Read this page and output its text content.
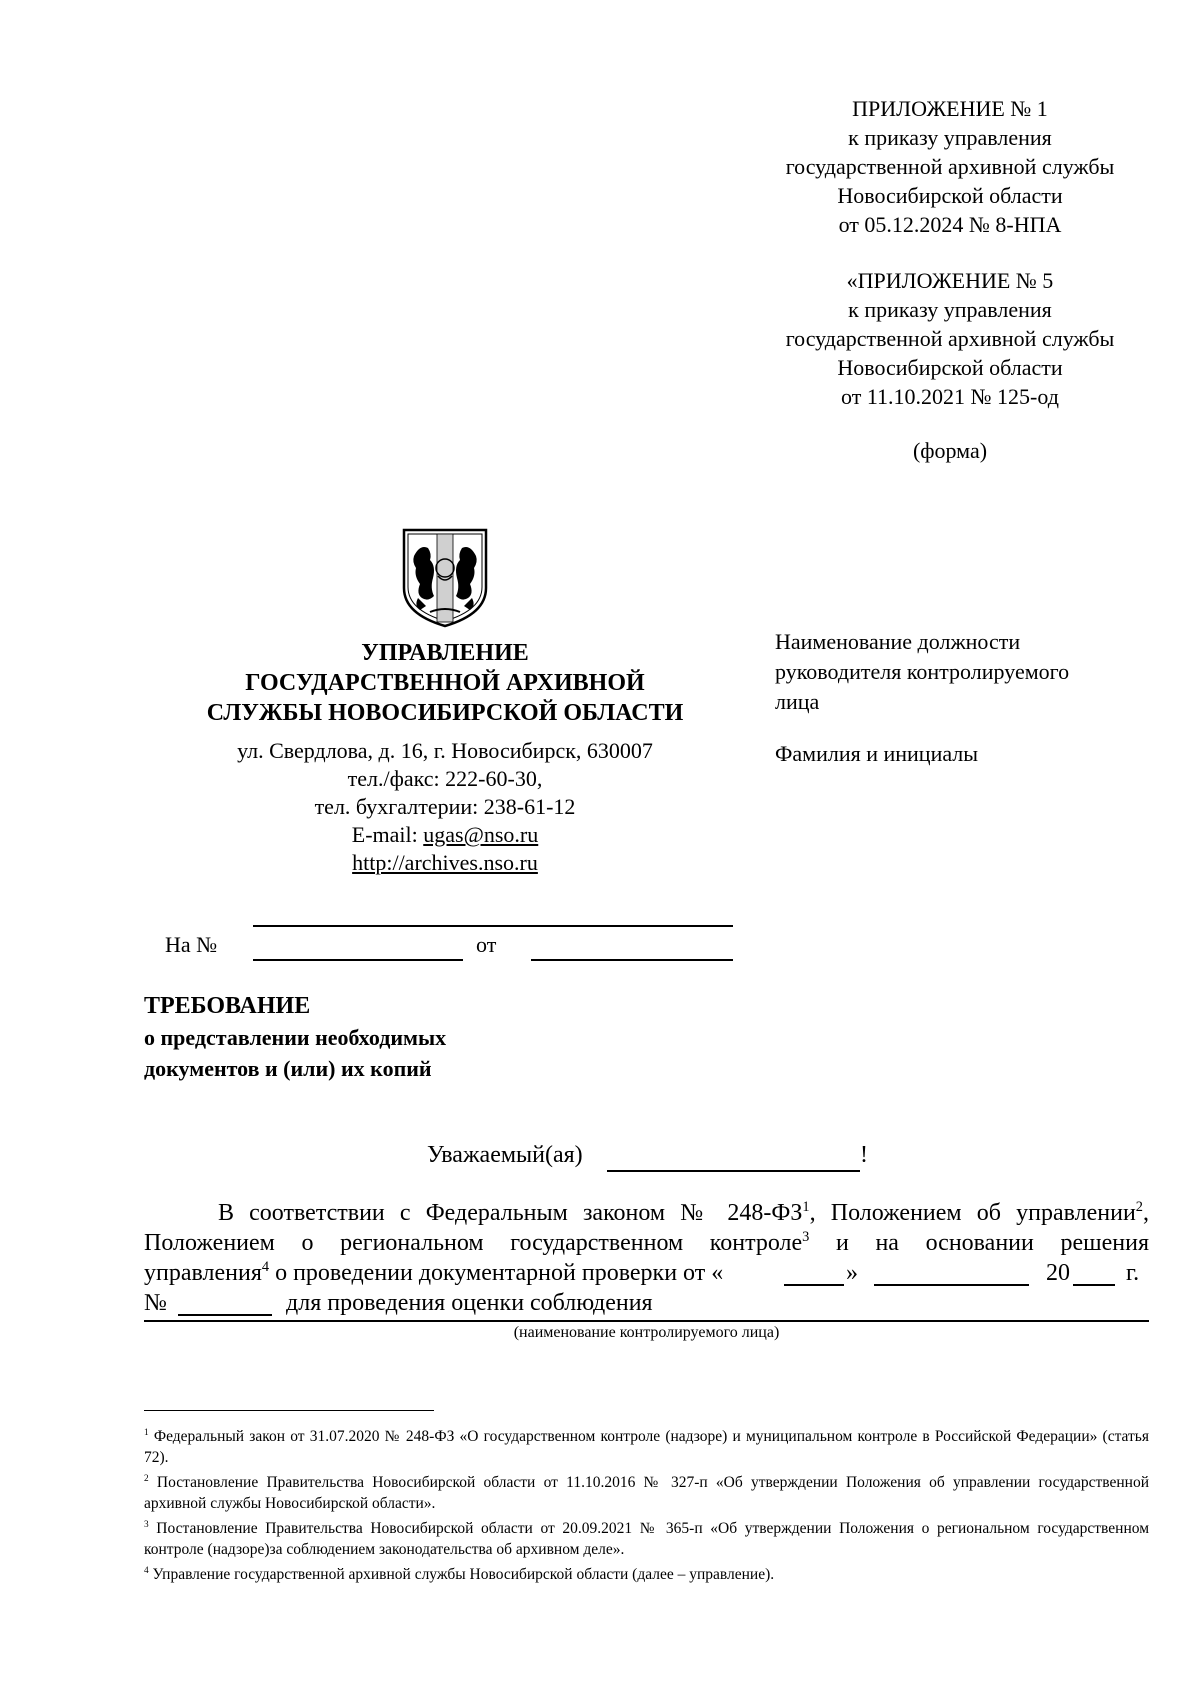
ПРИЛОЖЕНИЕ № 1
к приказу управления
государственной архивной службы
Новосибирской области
от 05.12.2024 № 8-НПА
«ПРИЛОЖЕНИЕ № 5
к приказу управления
государственной архивной службы
Новосибирской области
от 11.10.2021 № 125-од
(форма)
УПРАВЛЕНИЕ
ГОСУДАРСТВЕННОЙ АРХИВНОЙ
СЛУЖБЫ НОВОСИБИРСКОЙ ОБЛАСТИ
ул. Свердлова, д. 16, г. Новосибирск, 630007
тел./факс: 222-60-30,
тел. бухгалтерии: 238-61-12
E-mail: ugas@nso.ru
http://archives.nso.ru
Наименование должности
руководителя контролируемого
лица
Фамилия и инициалы
На №	от
ТРЕБОВАНИЕ
о представлении необходимых
документов и (или) их копий
Уважаемый(ая)	!
В соответствии с Федеральным законом № $248-ФЗ^1$, Положением об управлении$^2$,
Положением о региональном государственном контроле$^3$ и на основании решения
управления$^4$ о проведении документарной проверки от «	»	20 г.
№	для проведения оценки соблюдения
(наименование контролируемого лица)
$^1$ Федеральный закон от 31.07.2020 № 248-ФЗ «О государственном контроле (надзоре) и муниципальном контроле в Российской Федерации» (статья 72).
$^2$ Постановление Правительства Новосибирской области от 11.10.2016 № 327-п «Об утверждении Положения об управлении государственной архивной службы Новосибирской области».
$^3$ Постановление Правительства Новосибирской области от 20.09.2021 № 365-п «Об утверждении Положения о региональном государственном контроле (надзоре)за соблюдением законодательства об архивном деле».
$^4$ Управление государственной архивной службы Новосибирской области (далее – управление).
